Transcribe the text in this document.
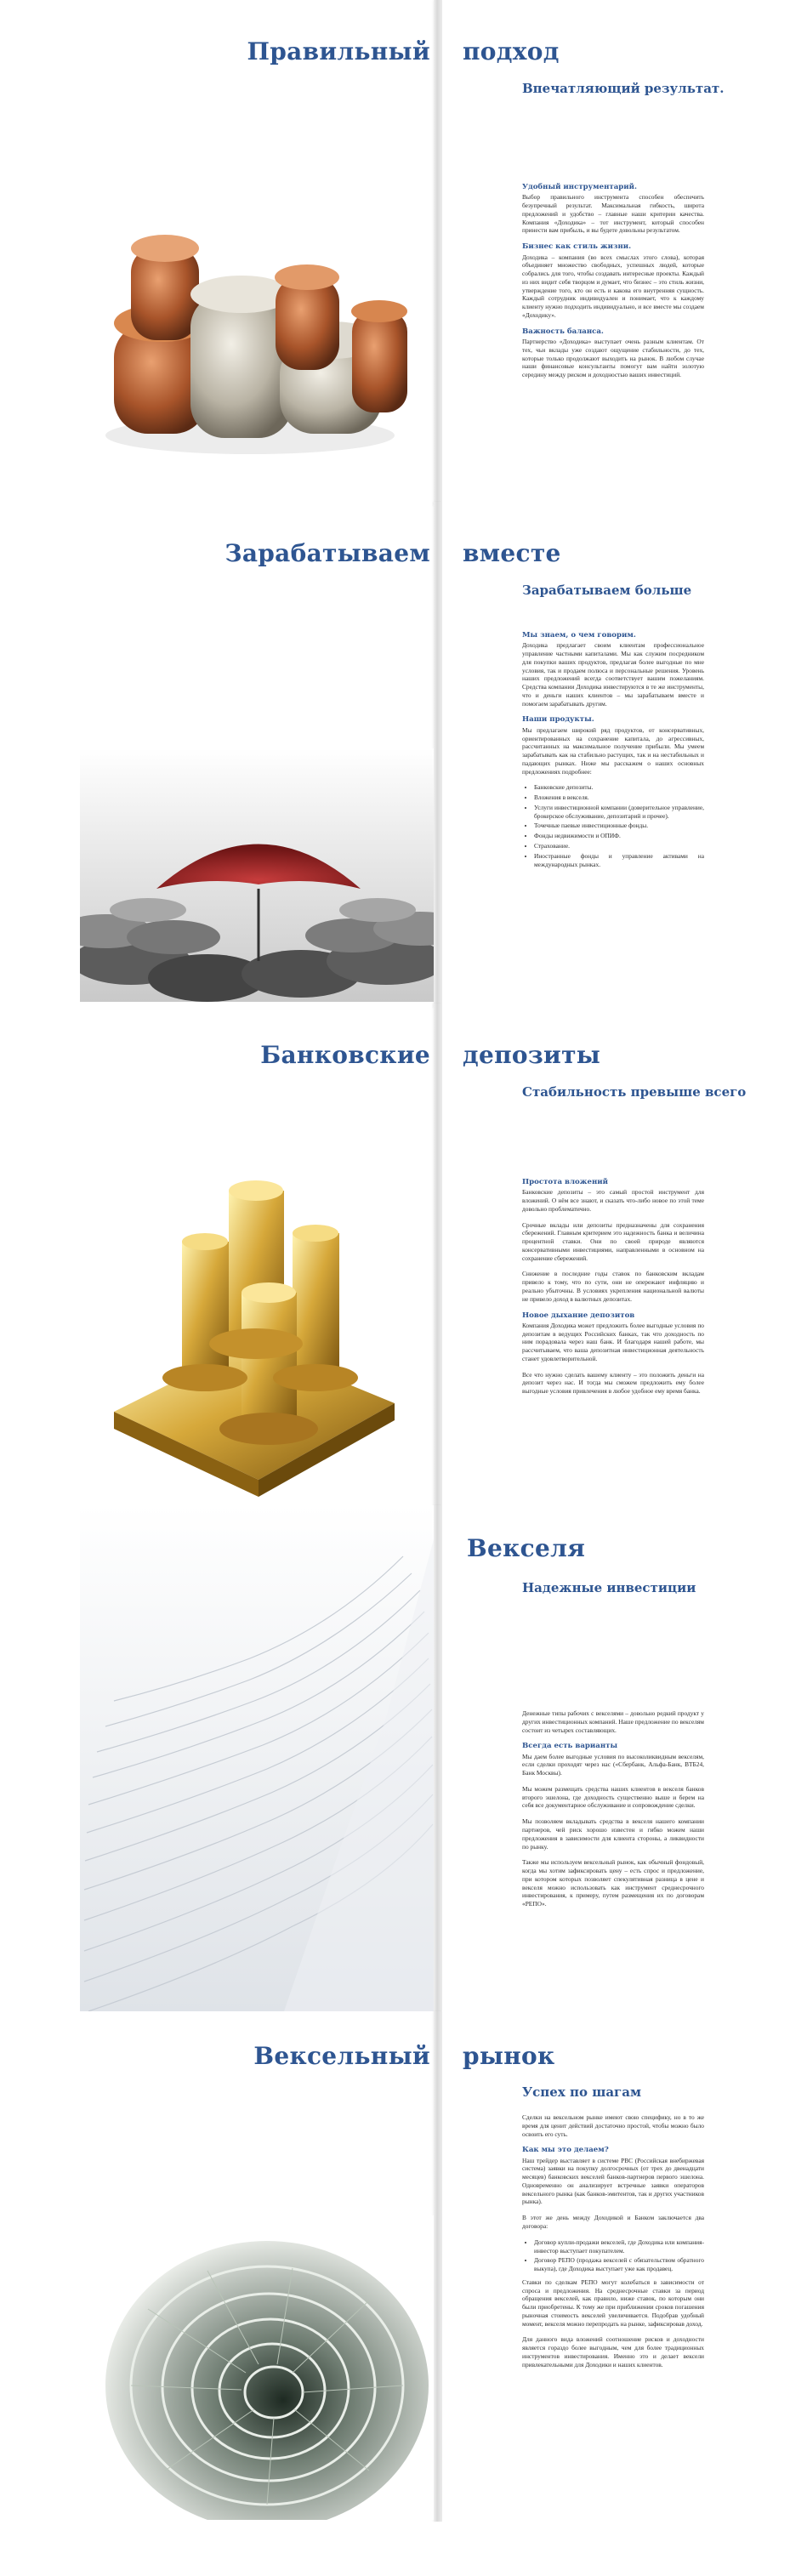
Правильный подход
Впечатляющий результат.
Удобный инструментарий.

Выбор правильного инструмента способен обеспечить безупречный результат. Максимальная гибкость, широта предложений и удобство – главные наши критерии качества. Компания «Доходика» – тот инструмент, который способен принести вам прибыль, и вы будете довольны результатом.

Бизнес как стиль жизни.

Доходика – компания (во всех смыслах этого слова), которая объединяет множество свободных, успешных людей, которые собрались для того, чтобы создавать интересные проекты. Каждый из них видит себя творцом и думает, что бизнес – это стиль жизни, утверждение того, кто он есть и какова его внутренняя сущность. Каждый сотрудник индивидуален и понимает, что к каждому клиенту нужно подходить индивидуально, и все вместе мы создаем «Доходику».

Важность баланса.

Партнерство «Доходика» выступает очень разным клиентам. От тех, чьи вклады уже создают ощущение стабильности, до тех, которые только продолжают выходить на рынок. В любом случае наши финансовые консультанты помогут вам найти золотую середину между риском и доходностью ваших инвестиций.

Зарабатываем вместе
Зарабатываем больше
Мы знаем, о чем говорим.

Доходика предлагает своим клиентам профессиональное управление частными капиталами. Мы как служим посредником для покупки ваших продуктов, предлагая более выгодные по мне условия, так и продаем полюса и персональные решения. Уровень наших предложений всегда соответствует вашим пожеланиям. Средства компании Доходика инвестируются в те же инструменты, что и деньги наших клиентов – мы зарабатываем вместе и помогаем зарабатывать другим.

Наши продукты.

Мы предлагаем широкий ряд продуктов, от консервативных, ориентированных на сохранение капитала, до агрессивных, рассчитанных на максимальное получение прибыли. Мы умеем зарабатывать как на стабильно растущих, так и на нестабильных и падающих рынках. Ниже мы расскажем о наших основных предложениях подробнее:

• Банковские депозиты.
• Вложения в векселя.
• Услуги инвестиционной компании (доверительное управление, брокерское обслуживание, депозитарий и прочее).
• Точечные паевые инвестиционные фонды.
• Фонды недвижимости и ОПИФ.
• Страхование.
• Иностранные фонды и управление активами на международных рынках.
Банковские депозиты
Стабильность превыше всего
Простота вложений

Банковские депозиты – это самый простой инструмент для вложений. О нём все знают, и сказать что-либо новое по этой теме довольно проблематично.

Срочные вклады или депозиты предназначены для сохранения сбережений. Главным критерием это надежность банка и величина процентной ставки. Они по своей природе являются консервативными инвестициями, направленными в основном на сохранение сбережений.

Снижение в последние годы ставок по банковским вкладам привело к тому, что по сути, они не опережают инфляцию и реально убыточны. В условиях укрепления национальной валюты не привело доход в валютных депозитах.

Новое дыхание депозитов

Компания Доходика может предложить более выгодные условия по депозитам в ведущих Российских банках, так что доходность по ним порадовала через наш банк. И благодаря нашей работе, мы рассчитываем, что ваша депозитная инвестиционная деятельность станет удовлетворительной.

Все что нужно сделать вашему клиенту – это положить деньги на депозит через нас. И тогда мы сможем предложить ему более выгодные условия привлечения в любое удобное ему время банка.

Векселя
Надежные инвестиции

Денежные типы рабочих с векселями – довольно редкий продукт у других инвестиционных компаний. Наше предложение по векселям состоит из четырех составляющих.

Всегда есть варианты

Мы даем более выгодные условия по высоколиквидным векселям, если сделки проходят через нас («Сбербанк, Альфа-Банк, ВТБ24, Банк Москвы).

Мы можем размещать средства наших клиентов в векселя банков второго эшелона, где доходность существенно выше и берем на себя все документарное обслуживание и сопровождение сделки.

Мы позволяем вкладывать средства в векселя нашего компании партнеров, чей риск хорошо известен и гибко можем наши предложения в зависимости для клиента стороны, а ликвидности по рынку.

Также мы используем вексельный рынок, как обычный фондовый, когда мы хотим зафиксировать цену – есть спрос и предложение, при котором которых позволяет спекулятивная разница в цене и векселя можно использовать как инструмент среднесрочного инвестирования, к примеру, путем размещения их по договорам «РЕПО».

Вексельный рынок
Успех по шагам

Сделки на вексельном рынке имеют свою специфику, но в то же время для ценит действий достаточно простой, чтобы можно было освоить его суть.

Как мы это делаем?

Наш трейдер выставляет в системе РВС (Российская внебиржевая система) заявки на покупку долгосрочных (от трех до двенадцати месяцев) банковских векселей банков-партнеров первого эшелона. Одновременно он анализирует встречные заявки операторов вексельного рынка (как банков-эмитентов, так и других участников рынка).

В этот же день между Доходикой и Банком заключается два договора:

• Договор купли-продажи векселей, где Доходика или компания-инвестор выступает покупателем.
• Договор РЕПО (продажа векселей с обязательством обратного выкупа), где Доходика выступает уже как продавец.

Ставки по сделкам РЕПО могут колебаться в зависимости от спроса и предложения. На среднесрочные ставки за период обращения векселей, как правило, ниже ставок, по которым они были приобретены. К тому же при приближении сроков погашения рыночная стоимость векселей увеличивается. Подобрав удобный момент, векселя можно перепродать на рынке, зафиксировав доход.

Для данного вида вложений соотношение рисков и доходности является гораздо более выгодным, чем для более традиционных инструментов инвестирования. Именно это и делает вексели привлекательными для Доходики и наших клиентов.
